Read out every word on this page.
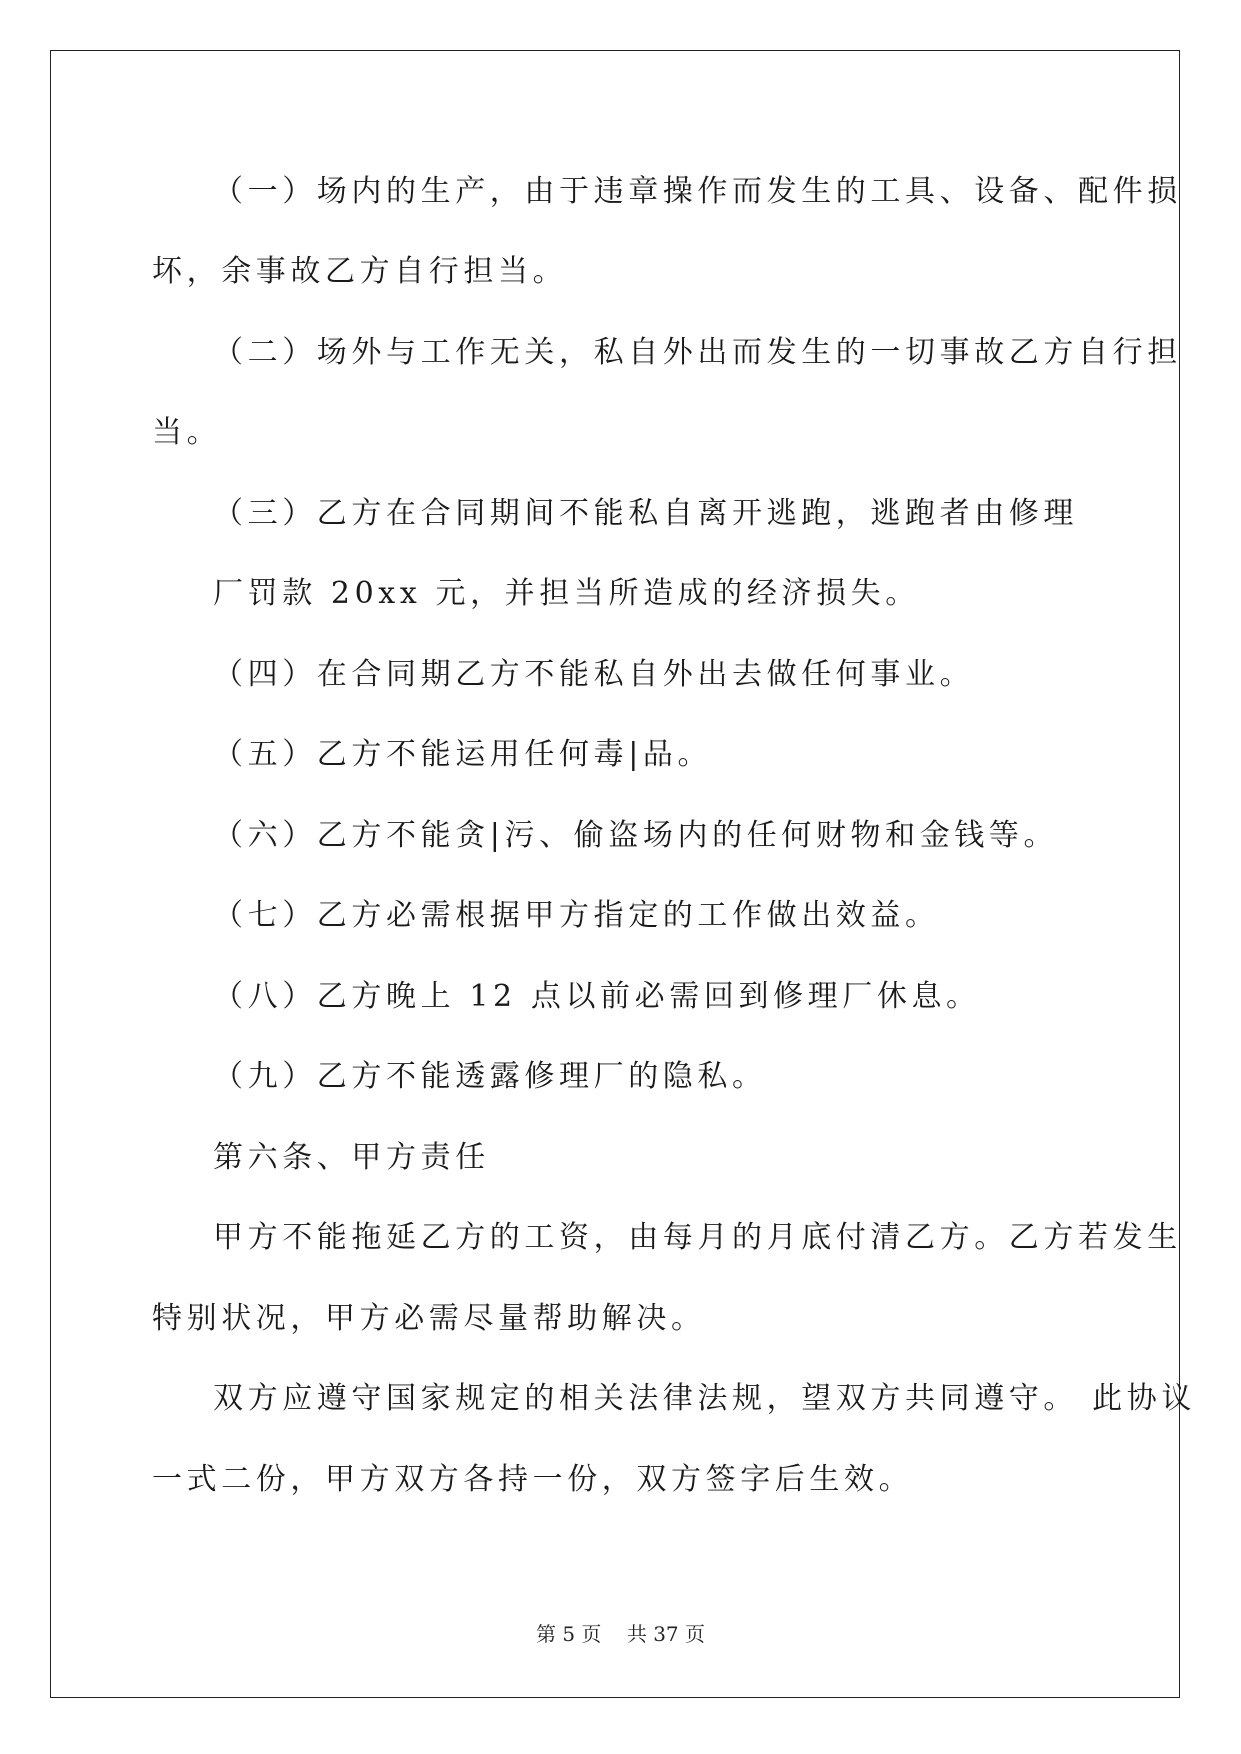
（一）场内的生产，由于违章操作而发生的工具、设备、配件损
坏，余事故乙方自行担当。
（二）场外与工作无关，私自外出而发生的一切事故乙方自行担
当。
（三）乙方在合同期间不能私自离开逃跑，逃跑者由修理
厂罚款 20xx 元，并担当所造成的经济损失。
（四）在合同期乙方不能私自外出去做任何事业。
（五）乙方不能运用任何毒|品。
（六）乙方不能贪|污、偷盗场内的任何财物和金钱等。
（七）乙方必需根据甲方指定的工作做出效益。
（八）乙方晚上 12 点以前必需回到修理厂休息。
（九）乙方不能透露修理厂的隐私。
第六条、甲方责任
甲方不能拖延乙方的工资，由每月的月底付清乙方。乙方若发生
特别状况，甲方必需尽量帮助解决。
双方应遵守国家规定的相关法律法规，望双方共同遵守。 此协议
一式二份，甲方双方各持一份，双方签字后生效。
第 5 页    共 37 页
